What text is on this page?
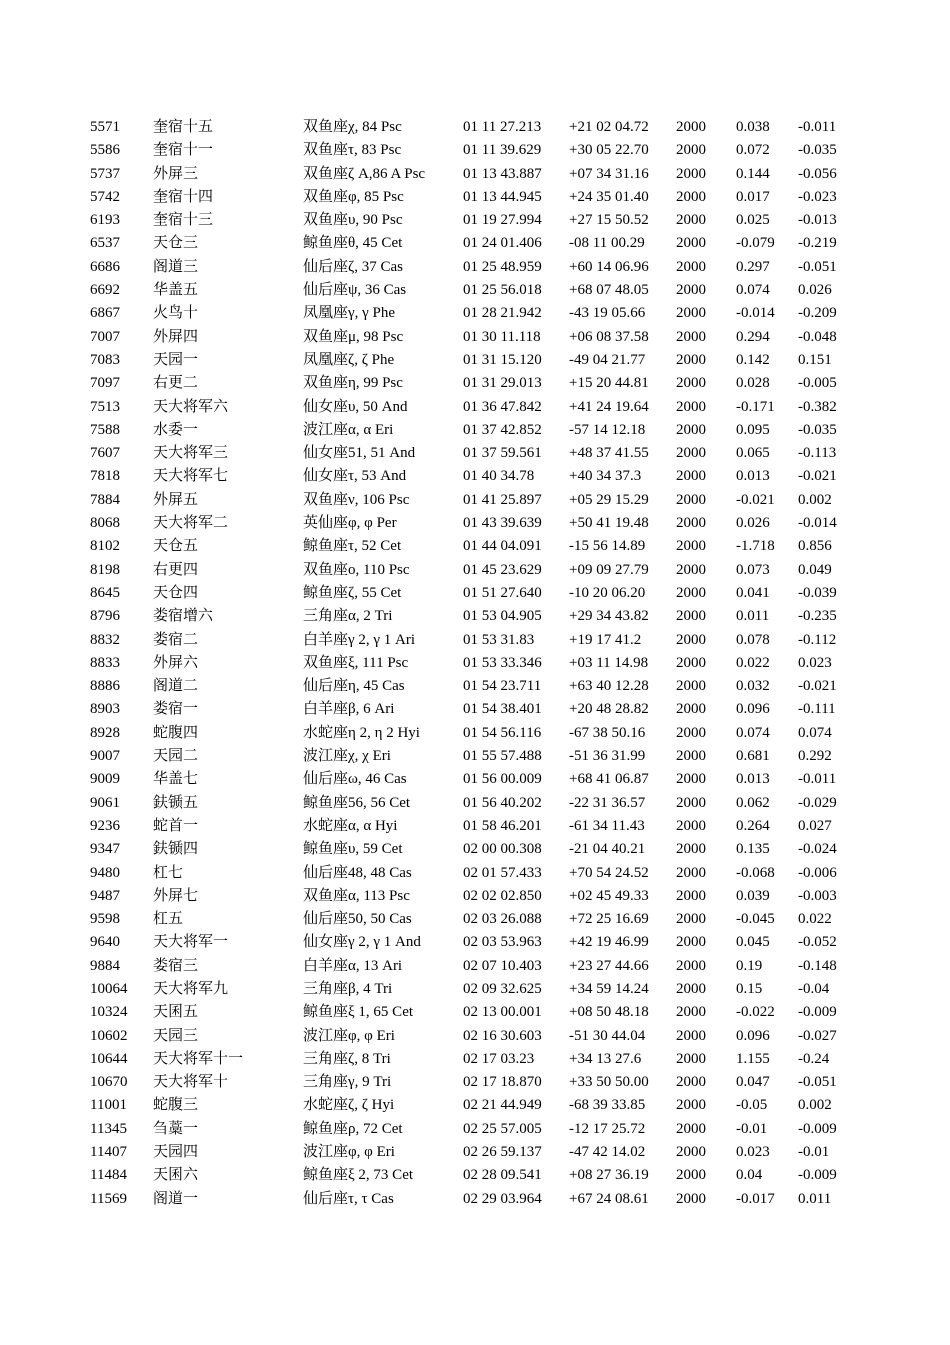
5571	奎宿十五	双鱼座χ, 84 Psc	01 11 27.213	+21 02 04.72	2000	0.038	-0.011
5586	奎宿十一	双鱼座τ, 83 Psc	01 11 39.629	+30 05 22.70	2000	0.072	-0.035
5737	外屏三	双鱼座ζ A,86 A Psc	01 13 43.887	+07 34 31.16	2000	0.144	-0.056
5742	奎宿十四	双鱼座φ, 85 Psc	01 13 44.945	+24 35 01.40	2000	0.017	-0.023
6193	奎宿十三	双鱼座υ, 90 Psc	01 19 27.994	+27 15 50.52	2000	0.025	-0.013
6537	天仓三	鲸鱼座θ, 45 Cet	01 24 01.406	-08 11 00.29	2000	-0.079	-0.219
6686	阁道三	仙后座ζ, 37 Cas	01 25 48.959	+60 14 06.96	2000	0.297	-0.051
6692	华盖五	仙后座ψ, 36 Cas	01 25 56.018	+68 07 48.05	2000	0.074	0.026
6867	火鸟十	凤凰座γ, γ Phe	01 28 21.942	-43 19 05.66	2000	-0.014	-0.209
7007	外屏四	双鱼座μ, 98 Psc	01 30 11.118	+06 08 37.58	2000	0.294	-0.048
7083	天园一	凤凰座ζ, ζ Phe	01 31 15.120	-49 04 21.77	2000	0.142	0.151
7097	右更二	双鱼座η, 99 Psc	01 31 29.013	+15 20 44.81	2000	0.028	-0.005
7513	天大将军六	仙女座υ, 50 And	01 36 47.842	+41 24 19.64	2000	-0.171	-0.382
7588	水委一	波江座α, α Eri	01 37 42.852	-57 14 12.18	2000	0.095	-0.035
7607	天大将军三	仙女座51, 51 And	01 37 59.561	+48 37 41.55	2000	0.065	-0.113
7818	天大将军七	仙女座τ, 53 And	01 40 34.78	+40 34 37.3	2000	0.013	-0.021
7884	外屏五	双鱼座ν, 106 Psc	01 41 25.897	+05 29 15.29	2000	-0.021	0.002
8068	天大将军二	英仙座φ, φ Per	01 43 39.639	+50 41 19.48	2000	0.026	-0.014
8102	天仓五	鲸鱼座τ, 52 Cet	01 44 04.091	-15 56 14.89	2000	-1.718	0.856
8198	右更四	双鱼座ο, 110 Psc	01 45 23.629	+09 09 27.79	2000	0.073	0.049
8645	天仓四	鲸鱼座ζ, 55 Cet	01 51 27.640	-10 20 06.20	2000	0.041	-0.039
8796	娄宿增六	三角座α, 2 Tri	01 53 04.905	+29 34 43.82	2000	0.011	-0.235
8832	娄宿二	白羊座γ 2, γ 1 Ari	01 53 31.83	+19 17 41.2	2000	0.078	-0.112
8833	外屏六	双鱼座ξ, 111 Psc	01 53 33.346	+03 11 14.98	2000	0.022	0.023
8886	阁道二	仙后座η, 45 Cas	01 54 23.711	+63 40 12.28	2000	0.032	-0.021
8903	娄宿一	白羊座β, 6 Ari	01 54 38.401	+20 48 28.82	2000	0.096	-0.111
8928	蛇腹四	水蛇座η 2, η 2 Hyi	01 54 56.116	-67 38 50.16	2000	0.074	0.074
9007	天园二	波江座χ, χ Eri	01 55 57.488	-51 36 31.99	2000	0.681	0.292
9009	华盖七	仙后座ω, 46 Cas	01 56 00.009	+68 41 06.87	2000	0.013	-0.011
9061	鈇锧五	鲸鱼座56, 56 Cet	01 56 40.202	-22 31 36.57	2000	0.062	-0.029
9236	蛇首一	水蛇座α, α Hyi	01 58 46.201	-61 34 11.43	2000	0.264	0.027
9347	鈇锧四	鲸鱼座υ, 59 Cet	02 00 00.308	-21 04 40.21	2000	0.135	-0.024
9480	杠七	仙后座48, 48 Cas	02 01 57.433	+70 54 24.52	2000	-0.068	-0.006
9487	外屏七	双鱼座α, 113 Psc	02 02 02.850	+02 45 49.33	2000	0.039	-0.003
9598	杠五	仙后座50, 50 Cas	02 03 26.088	+72 25 16.69	2000	-0.045	0.022
9640	天大将军一	仙女座γ 2, γ 1 And	02 03 53.963	+42 19 46.99	2000	0.045	-0.052
9884	娄宿三	白羊座α, 13 Ari	02 07 10.403	+23 27 44.66	2000	0.19	-0.148
10064	天大将军九	三角座β, 4 Tri	02 09 32.625	+34 59 14.24	2000	0.15	-0.04
10324	天囷五	鲸鱼座ξ 1, 65 Cet	02 13 00.001	+08 50 48.18	2000	-0.022	-0.009
10602	天园三	波江座φ, φ Eri	02 16 30.603	-51 30 44.04	2000	0.096	-0.027
10644	天大将军十一	三角座ζ, 8 Tri	02 17 03.23	+34 13 27.6	2000	1.155	-0.24
10670	天大将军十	三角座γ, 9 Tri	02 17 18.870	+33 50 50.00	2000	0.047	-0.051
11001	蛇腹三	水蛇座ζ, ζ Hyi	02 21 44.949	-68 39 33.85	2000	-0.05	0.002
11345	刍藁一	鲸鱼座ρ, 72 Cet	02 25 57.005	-12 17 25.72	2000	-0.01	-0.009
11407	天园四	波江座φ, φ Eri	02 26 59.137	-47 42 14.02	2000	0.023	-0.01
11484	天囷六	鲸鱼座ξ 2, 73 Cet	02 28 09.541	+08 27 36.19	2000	0.04	-0.009
11569	阁道一	仙后座τ, τ Cas	02 29 03.964	+67 24 08.61	2000	-0.017	0.011
